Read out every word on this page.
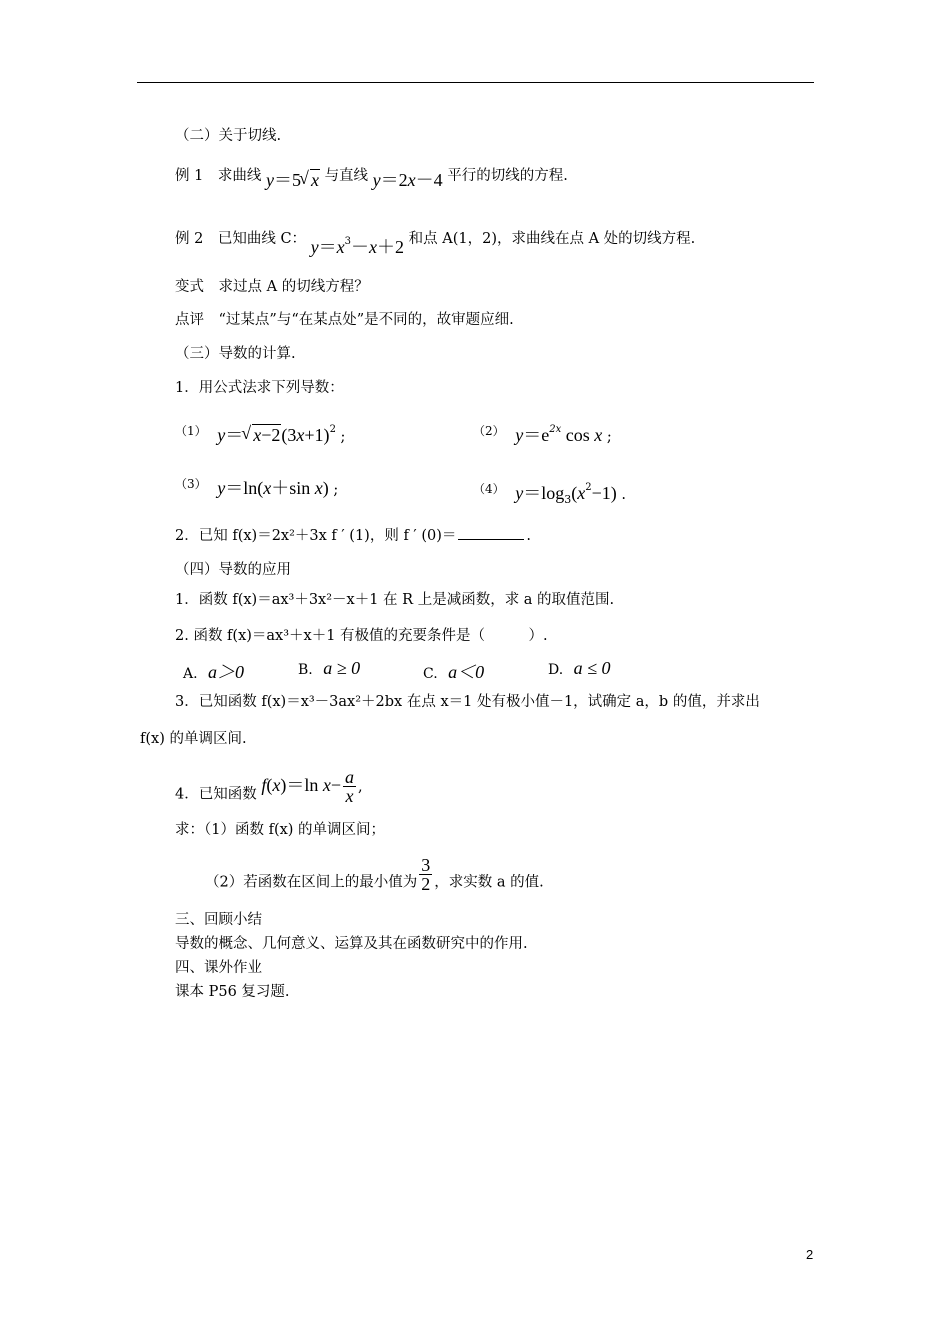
（二）关于切线.
例 1　求曲线 y＝5 √ x 与直线 y＝2x－4 平行的切线的方程.
例 2　已知曲线 C： $y=x^3-x+2$ 和点 A(1，2)，求曲线在点 A 处的切线方程.
变式　求过点 A 的切线方程？
点评　“过某点”与“在某点处”是不同的，故审题应细.
（三）导数的计算.
1．用公式法求下列导数：
（1） y＝ √ $x-2(3x+1)^2$ ;	（2） $y=e^{2x}$ cos x ;
（3） y＝ln(x＋sin x) ;	（4） $y=\log_3(x^2-1)$ .
2．已知 f(x)＝2x²＋3x f ′ (1)，则 f ′ (0)＝	.
（四）导数的应用
1．函数 f(x)＝ax³＋3x²－x＋1 在 R 上是减函数，求 a 的取值范围.
2. 函数 f(x)＝ax³＋x＋1 有极值的充要条件是（　　　）.
A. a＞0	B. a ≥ 0	C. a＜0	D. a ≤ 0
3．已知函数 f(x)＝x³－3ax²＋2bx 在点 x＝1 处有极小值－1，试确定 a，b 的值，并求出
f(x) 的单调区间.
4．已知函数 f(x)＝ln $x- \frac{a}{x}$ ,
求：（1）函数 f(x) 的单调区间；
（2）若函数在区间上的最小值为 $\frac{3}{2}$ ，求实数 a 的值.
三、回顾小结
导数的概念、几何意义、运算及其在函数研究中的作用.
四、课外作业
课本 P56 复习题.
2
